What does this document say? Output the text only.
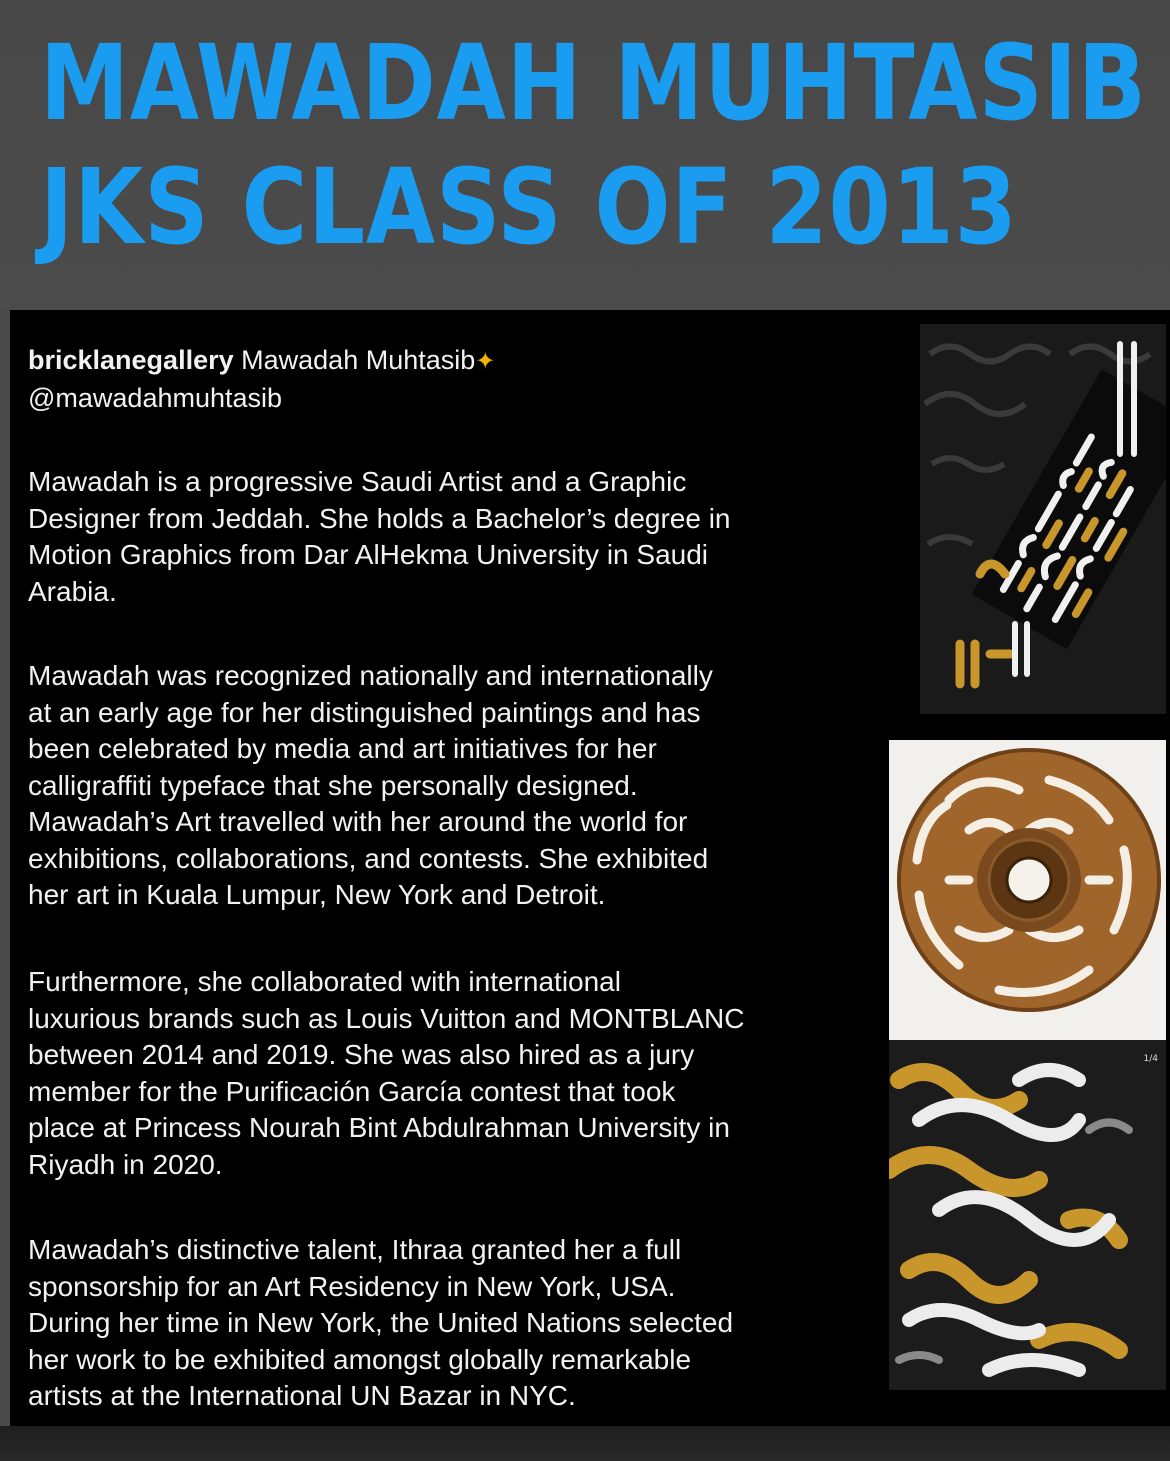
MAWADAH MUHTASIB
JKS CLASS OF 2013
bricklanegallery Mawadah Muhtasib✦
@mawadahmuhtasib

Mawadah is a progressive Saudi Artist and a Graphic
Designer from Jeddah. She holds a Bachelor’s degree in
Motion Graphics from Dar AlHekma University in Saudi
Arabia.

Mawadah was recognized nationally and internationally
at an early age for her distinguished paintings and has
been celebrated by media and art initiatives for her
calligraffiti typeface that she personally designed.
Mawadah’s Art travelled with her around the world for
exhibitions, collaborations, and contests. She exhibited
her art in Kuala Lumpur, New York and Detroit.

Furthermore, she collaborated with international
luxurious brands such as Louis Vuitton and MONTBLANC
between 2014 and 2019. She was also hired as a jury
member for the Purificación García contest that took
place at Princess Nourah Bint Abdulrahman University in
Riyadh in 2020.

Mawadah’s distinctive talent, Ithraa granted her a full
sponsorship for an Art Residency in New York, USA.
During her time in New York, the United Nations selected
her work to be exhibited amongst globally remarkable
artists at the International UN Bazar in NYC.

1/4
